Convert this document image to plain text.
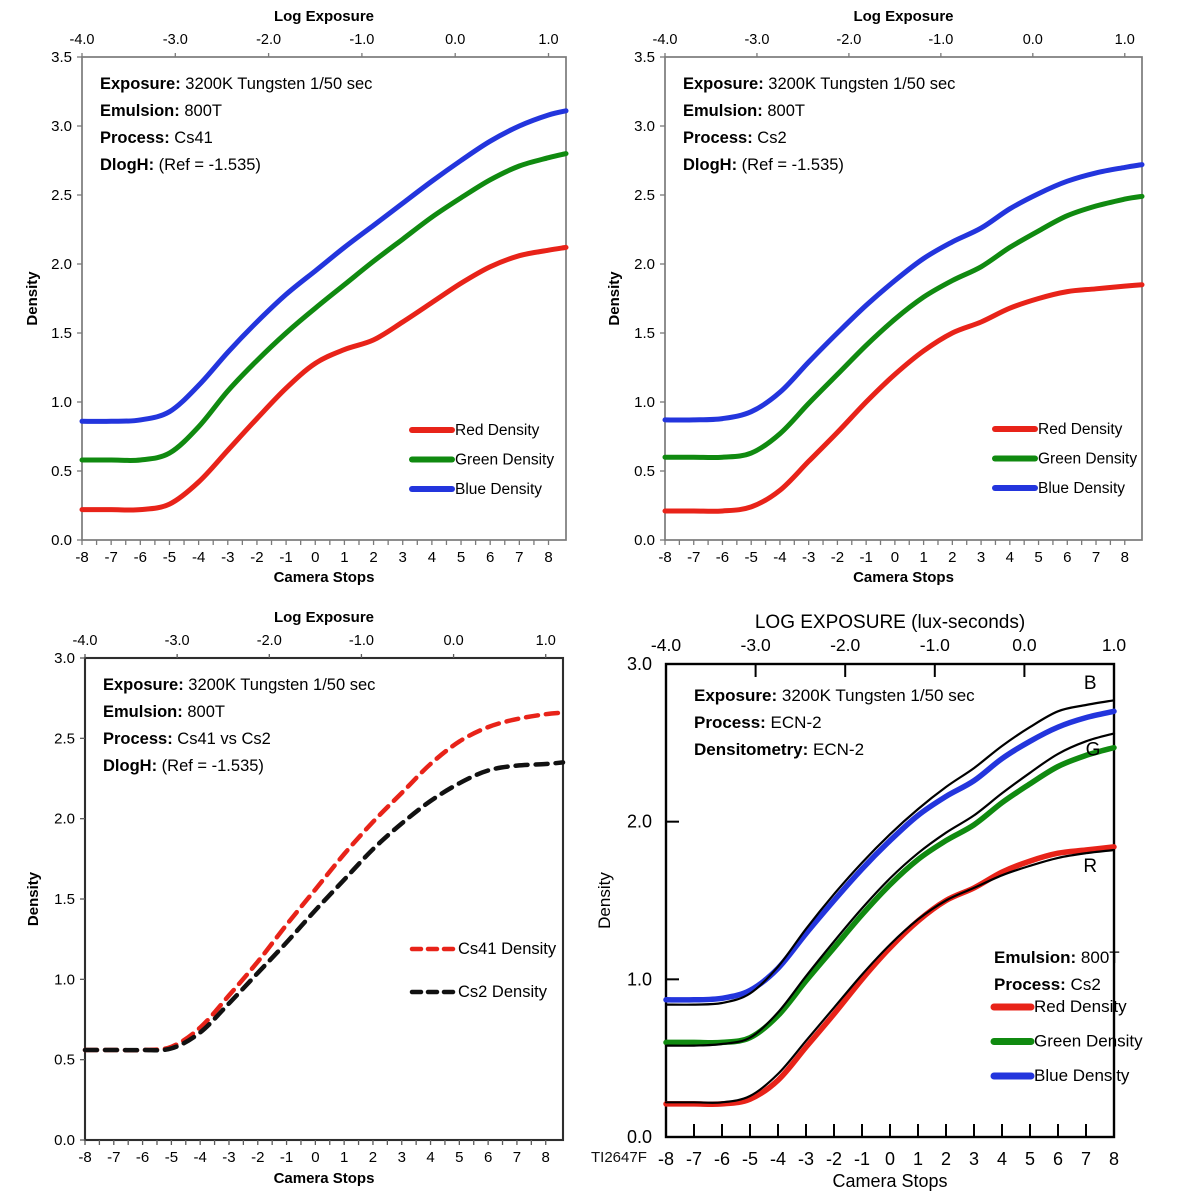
-8 -7 -6 -5 -4 -3 -2 -1 0 1 2 3 4 5 6 7 8
0.0
0.5
1.0
1.5
2.0
2.5
3.0
3.5
-4.0	-3.0	-2.0	-1.0	0.0	1.0
Log Exposure
Camera Stops
Density
Exposure: 3200K Tungsten 1/50 sec
Emulsion: 800T
Process: Cs41
DlogH: (Ref = -1.535)
Red Density
Green Density
Blue Density
-8 -7 -6 -5 -4 -3 -2 -1 0 1 2 3 4 5 6 7 8
0.0
0.5
1.0
1.5
2.0
2.5
3.0
3.5
-4.0	-3.0	-2.0	-1.0	0.0	1.0
Log Exposure
Camera Stops
Density
Exposure: 3200K Tungsten 1/50 sec
Emulsion: 800T
Process: Cs2
DlogH: (Ref = -1.535)
Red Density
Green Density
Blue Density
-8 -7 -6 -5 -4 -3 -2 -1 0 1 2 3 4 5 6 7 8
0.0
0.5
1.0
1.5
2.0
2.5
3.0
-4.0	-3.0	-2.0	-1.0	0.0	1.0
Log Exposure
Camera Stops
Density
Exposure: 3200K Tungsten 1/50 sec
Emulsion: 800T
Process: Cs41 vs Cs2
DlogH: (Ref = -1.535)
Cs41 Density
Cs2 Density
-8 -7 -6 -5 -4 -3 -2 -1 0 1 2 3 4 5 6 7 8
0.0
1.0
2.0
3.0
-4.0	-3.0	-2.0	-1.0	0.0	1.0
LOG EXPOSURE (lux-seconds)
Camera Stops
Density
Exposure: 3200K Tungsten 1/50 sec
Process: ECN-2
Densitometry: ECN-2
Emulsion: 800T
Process: Cs2
Red Density
Green Density
Blue Density
B
G
R
TI2647F
